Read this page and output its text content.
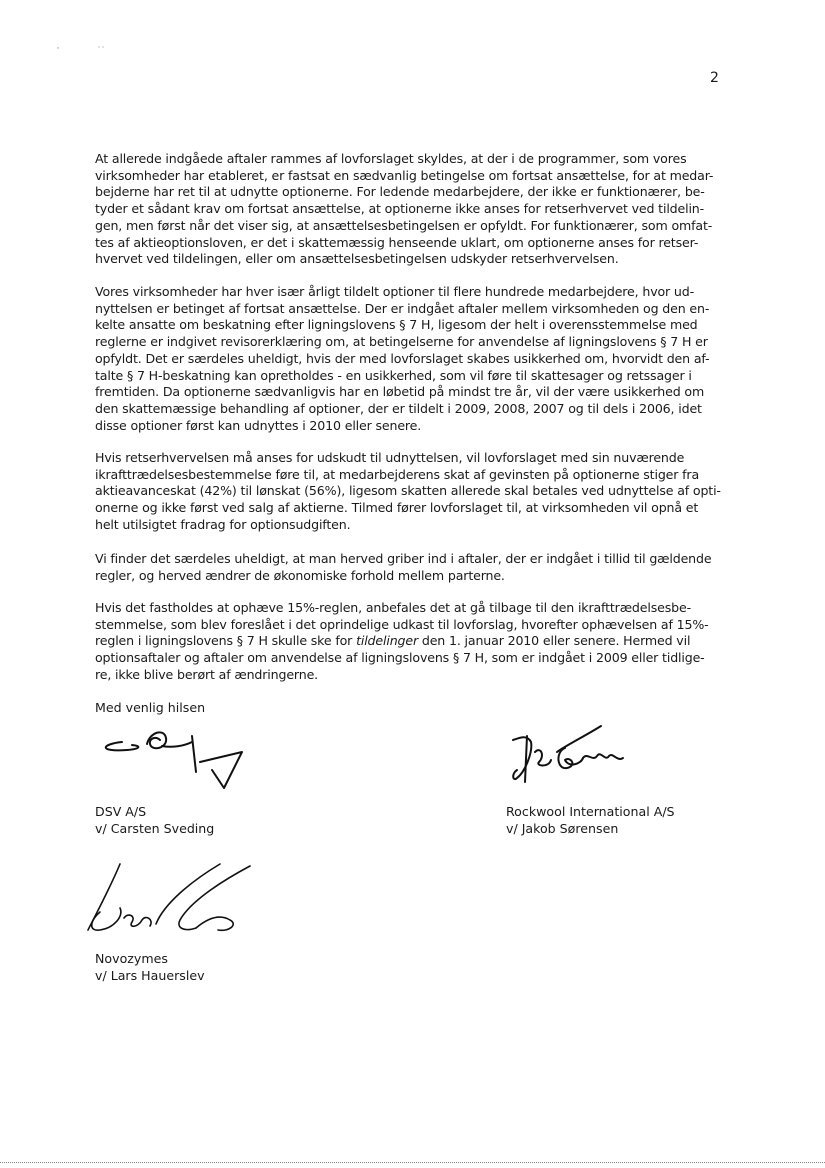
2

At allerede indgåede aftaler rammes af lovforslaget skyldes, at der i de programmer, som vores
virksomheder har etableret, er fastsat en sædvanlig betingelse om fortsat ansættelse, for at medar-
bejderne har ret til at udnytte optionerne. For ledende medarbejdere, der ikke er funktionærer, be-
tyder et sådant krav om fortsat ansættelse, at optionerne ikke anses for retserhvervet ved tildelin-
gen, men først når det viser sig, at ansættelsesbetingelsen er opfyldt. For funktionærer, som omfat-
tes af aktieoptionsloven, er det i skattemæssig henseende uklart, om optionerne anses for retser-
hvervet ved tildelingen, eller om ansættelsesbetingelsen udskyder retserhvervelsen.

Vores virksomheder har hver især årligt tildelt optioner til flere hundrede medarbejdere, hvor ud-
nyttelsen er betinget af fortsat ansættelse. Der er indgået aftaler mellem virksomheden og den en-
kelte ansatte om beskatning efter ligningslovens § 7 H, ligesom der helt i overensstemmelse med
reglerne er indgivet revisorerklæring om, at betingelserne for anvendelse af ligningslovens § 7 H er
opfyldt. Det er særdeles uheldigt, hvis der med lovforslaget skabes usikkerhed om, hvorvidt den af-
talte § 7 H-beskatning kan opretholdes - en usikkerhed, som vil føre til skattesager og retssager i
fremtiden. Da optionerne sædvanligvis har en løbetid på mindst tre år, vil der være usikkerhed om
den skattemæssige behandling af optioner, der er tildelt i 2009, 2008, 2007 og til dels i 2006, idet
disse optioner først kan udnyttes i 2010 eller senere.

Hvis retserhvervelsen må anses for udskudt til udnyttelsen, vil lovforslaget med sin nuværende
ikrafttrædelsesbestemmelse føre til, at medarbejderens skat af gevinsten på optionerne stiger fra
aktieavanceskat (42%) til lønskat (56%), ligesom skatten allerede skal betales ved udnyttelse af opti-
onerne og ikke først ved salg af aktierne. Tilmed fører lovforslaget til, at virksomheden vil opnå et
helt utilsigtet fradrag for optionsudgiften.

Vi finder det særdeles uheldigt, at man herved griber ind i aftaler, der er indgået i tillid til gældende
regler, og herved ændrer de økonomiske forhold mellem parterne.

Hvis det fastholdes at ophæve 15%-reglen, anbefales det at gå tilbage til den ikrafttrædelsesbe-
stemmelse, som blev foreslået i det oprindelige udkast til lovforslag, hvorefter ophævelsen af 15%-
reglen i ligningslovens § 7 H skulle ske for tildelinger den 1. januar 2010 eller senere. Hermed vil
optionsaftaler og aftaler om anvendelse af ligningslovens § 7 H, som er indgået i 2009 eller tidlige-
re, ikke blive berørt af ændringerne.

Med venlig hilsen

DSV A/S
v/ Carsten Sveding
Rockwool International A/S
v/ Jakob Sørensen
Novozymes
v/ Lars Hauerslev
